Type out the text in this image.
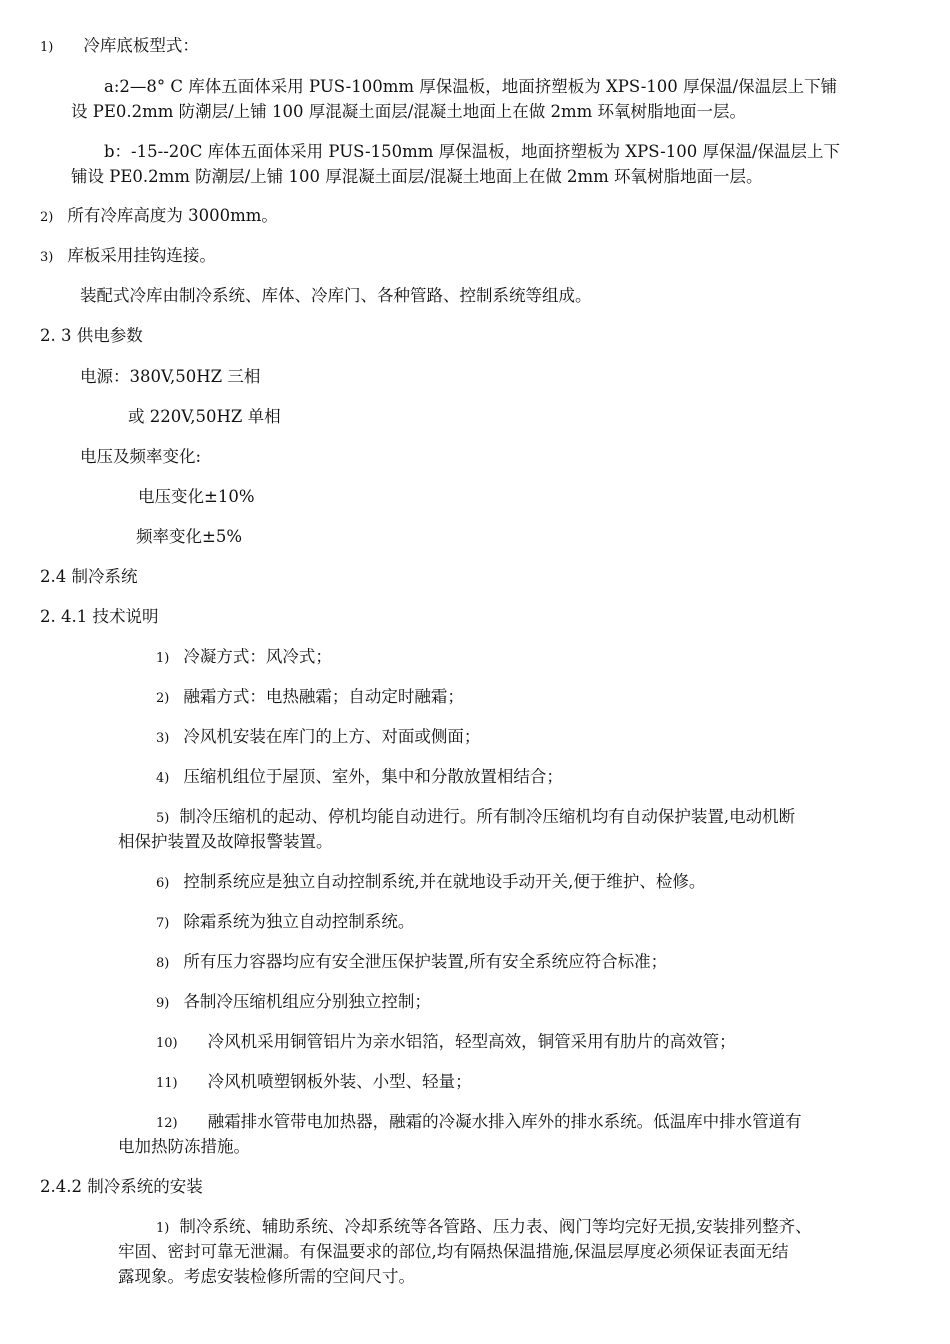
1) 冷库底板型式：
a:2—8° C 库体五面体采用 PUS-100mm 厚保温板，地面挤塑板为 XPS-100 厚保温/保温层上下铺
设 PE0.2mm 防潮层/上铺 100 厚混凝土面层/混凝土地面上在做 2mm 环氧树脂地面一层。
b：-15--20C 库体五面体采用 PUS-150mm 厚保温板，地面挤塑板为 XPS-100 厚保温/保温层上下
铺设 PE0.2mm 防潮层/上铺 100 厚混凝土面层/混凝土地面上在做 2mm 环氧树脂地面一层。
2) 所有冷库高度为 3000mm。
3) 库板采用挂钩连接。
装配式冷库由制冷系统、库体、冷库门、各种管路、控制系统等组成。
2. 3 供电参数
电源：380V,50HZ 三相
或 220V,50HZ 单相
电压及频率变化:
电压变化±10%
频率变化±5%
2.4 制冷系统
2. 4.1 技术说明
1) 冷凝方式：风冷式；
2) 融霜方式：电热融霜；自动定时融霜；
3) 冷风机安装在库门的上方、对面或侧面；
4) 压缩机组位于屋顶、室外，集中和分散放置相结合；
5) 制冷压缩机的起动、停机均能自动进行。所有制冷压缩机均有自动保护装置,电动机断
相保护装置及故障报警装置。
6) 控制系统应是独立自动控制系统,并在就地设手动开关,便于维护、检修。
7) 除霜系统为独立自动控制系统。
8) 所有压力容器均应有安全泄压保护装置,所有安全系统应符合标准；
9) 各制冷压缩机组应分别独立控制；
10) 冷风机采用铜管铝片为亲水铝箔，轻型高效，铜管采用有肋片的高效管；
11) 冷风机喷塑钢板外装、小型、轻量；
12) 融霜排水管带电加热器，融霜的冷凝水排入库外的排水系统。低温库中排水管道有
电加热防冻措施。
2.4.2 制冷系统的安装
1) 制冷系统、辅助系统、冷却系统等各管路、压力表、阀门等均完好无损,安装排列整齐、
牢固、密封可靠无泄漏。有保温要求的部位,均有隔热保温措施,保温层厚度必须保证表面无结
露现象。考虑安装检修所需的空间尺寸。
